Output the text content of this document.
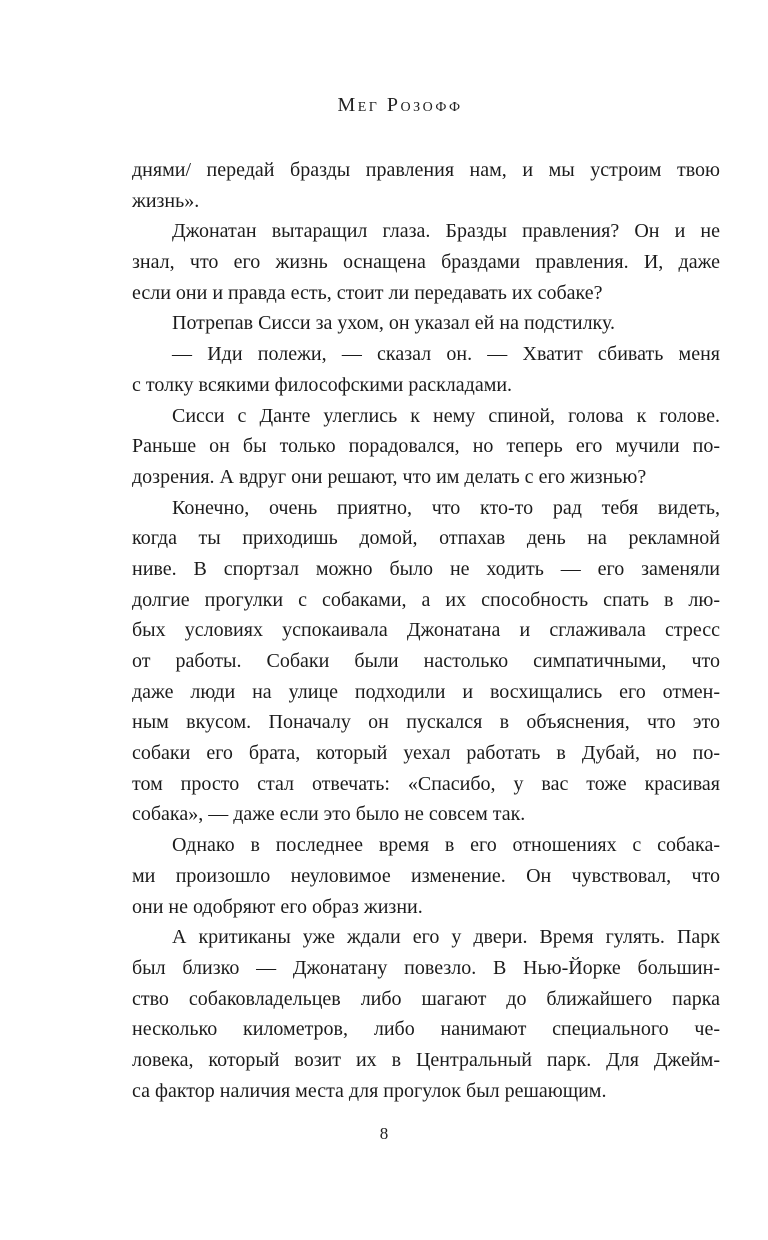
Мег Розофф
днями/ передай бразды правления нам, и мы устроим твою
жизнь».
Джонатан вытаращил глаза. Бразды правления? Он и не
знал, что его жизнь оснащена браздами правления. И, даже
если они и правда есть, стоит ли передавать их собаке?
Потрепав Сисси за ухом, он указал ей на подстилку.
— Иди полежи, — сказал он. — Хватит сбивать меня
с толку всякими философскими раскладами.
Сисси с Данте улеглись к нему спиной, голова к голове.
Раньше он бы только порадовался, но теперь его мучили по-
дозрения. А вдруг они решают, что им делать с его жизнью?
Конечно, очень приятно, что кто-то рад тебя видеть,
когда ты приходишь домой, отпахав день на рекламной
ниве. В спортзал можно было не ходить — его заменяли
долгие прогулки с собаками, а их способность спать в лю-
бых условиях успокаивала Джонатана и сглаживала стресс
от работы. Собаки были настолько симпатичными, что
даже люди на улице подходили и восхищались его отмен-
ным вкусом. Поначалу он пускался в объяснения, что это
собаки его брата, который уехал работать в Дубай, но по-
том просто стал отвечать: «Спасибо, у вас тоже красивая
собака», — даже если это было не совсем так.
Однако в последнее время в его отношениях с собака-
ми произошло неуловимое изменение. Он чувствовал, что
они не одобряют его образ жизни.
А критиканы уже ждали его у двери. Время гулять. Парк
был близко — Джонатану повезло. В Нью-Йорке большин-
ство собаковладельцев либо шагают до ближайшего парка
несколько километров, либо нанимают специального че-
ловека, который возит их в Центральный парк. Для Джейм-
са фактор наличия места для прогулок был решающим.
8
